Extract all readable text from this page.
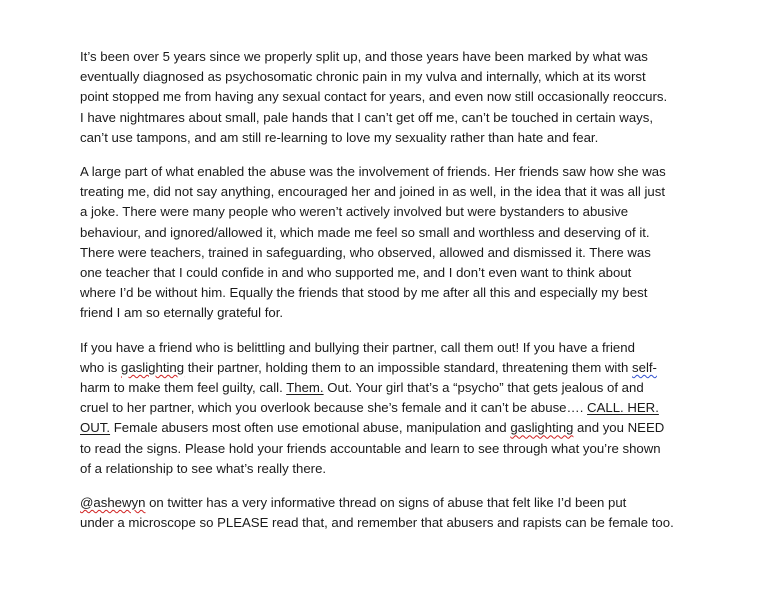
It’s been over 5 years since we properly split up, and those years have been marked by what was
eventually diagnosed as psychosomatic chronic pain in my vulva and internally, which at its worst
point stopped me from having any sexual contact for years, and even now still occasionally reoccurs.
I have nightmares about small, pale hands that I can’t get off me, can’t be touched in certain ways,
can’t use tampons, and am still re-learning to love my sexuality rather than hate and fear.

A large part of what enabled the abuse was the involvement of friends. Her friends saw how she was
treating me, did not say anything, encouraged her and joined in as well, in the idea that it was all just
a joke. There were many people who weren’t actively involved but were bystanders to abusive
behaviour, and ignored/allowed it, which made me feel so small and worthless and deserving of it.
There were teachers, trained in safeguarding, who observed, allowed and dismissed it. There was
one teacher that I could confide in and who supported me, and I don’t even want to think about
where I’d be without him. Equally the friends that stood by me after all this and especially my best
friend I am so eternally grateful for.

If you have a friend who is belittling and bullying their partner, call them out! If you have a friend
who is gaslighting their partner, holding them to an impossible standard, threatening them with self-
harm to make them feel guilty, call. Them. Out. Your girl that’s a “psycho” that gets jealous of and
cruel to her partner, which you overlook because she’s female and it can’t be abuse…. CALL. HER.
OUT. Female abusers most often use emotional abuse, manipulation and gaslighting and you NEED
to read the signs. Please hold your friends accountable and learn to see through what you’re shown
of a relationship to see what’s really there.

@ashewyn on twitter has a very informative thread on signs of abuse that felt like I’d been put
under a microscope so PLEASE read that, and remember that abusers and rapists can be female too.
